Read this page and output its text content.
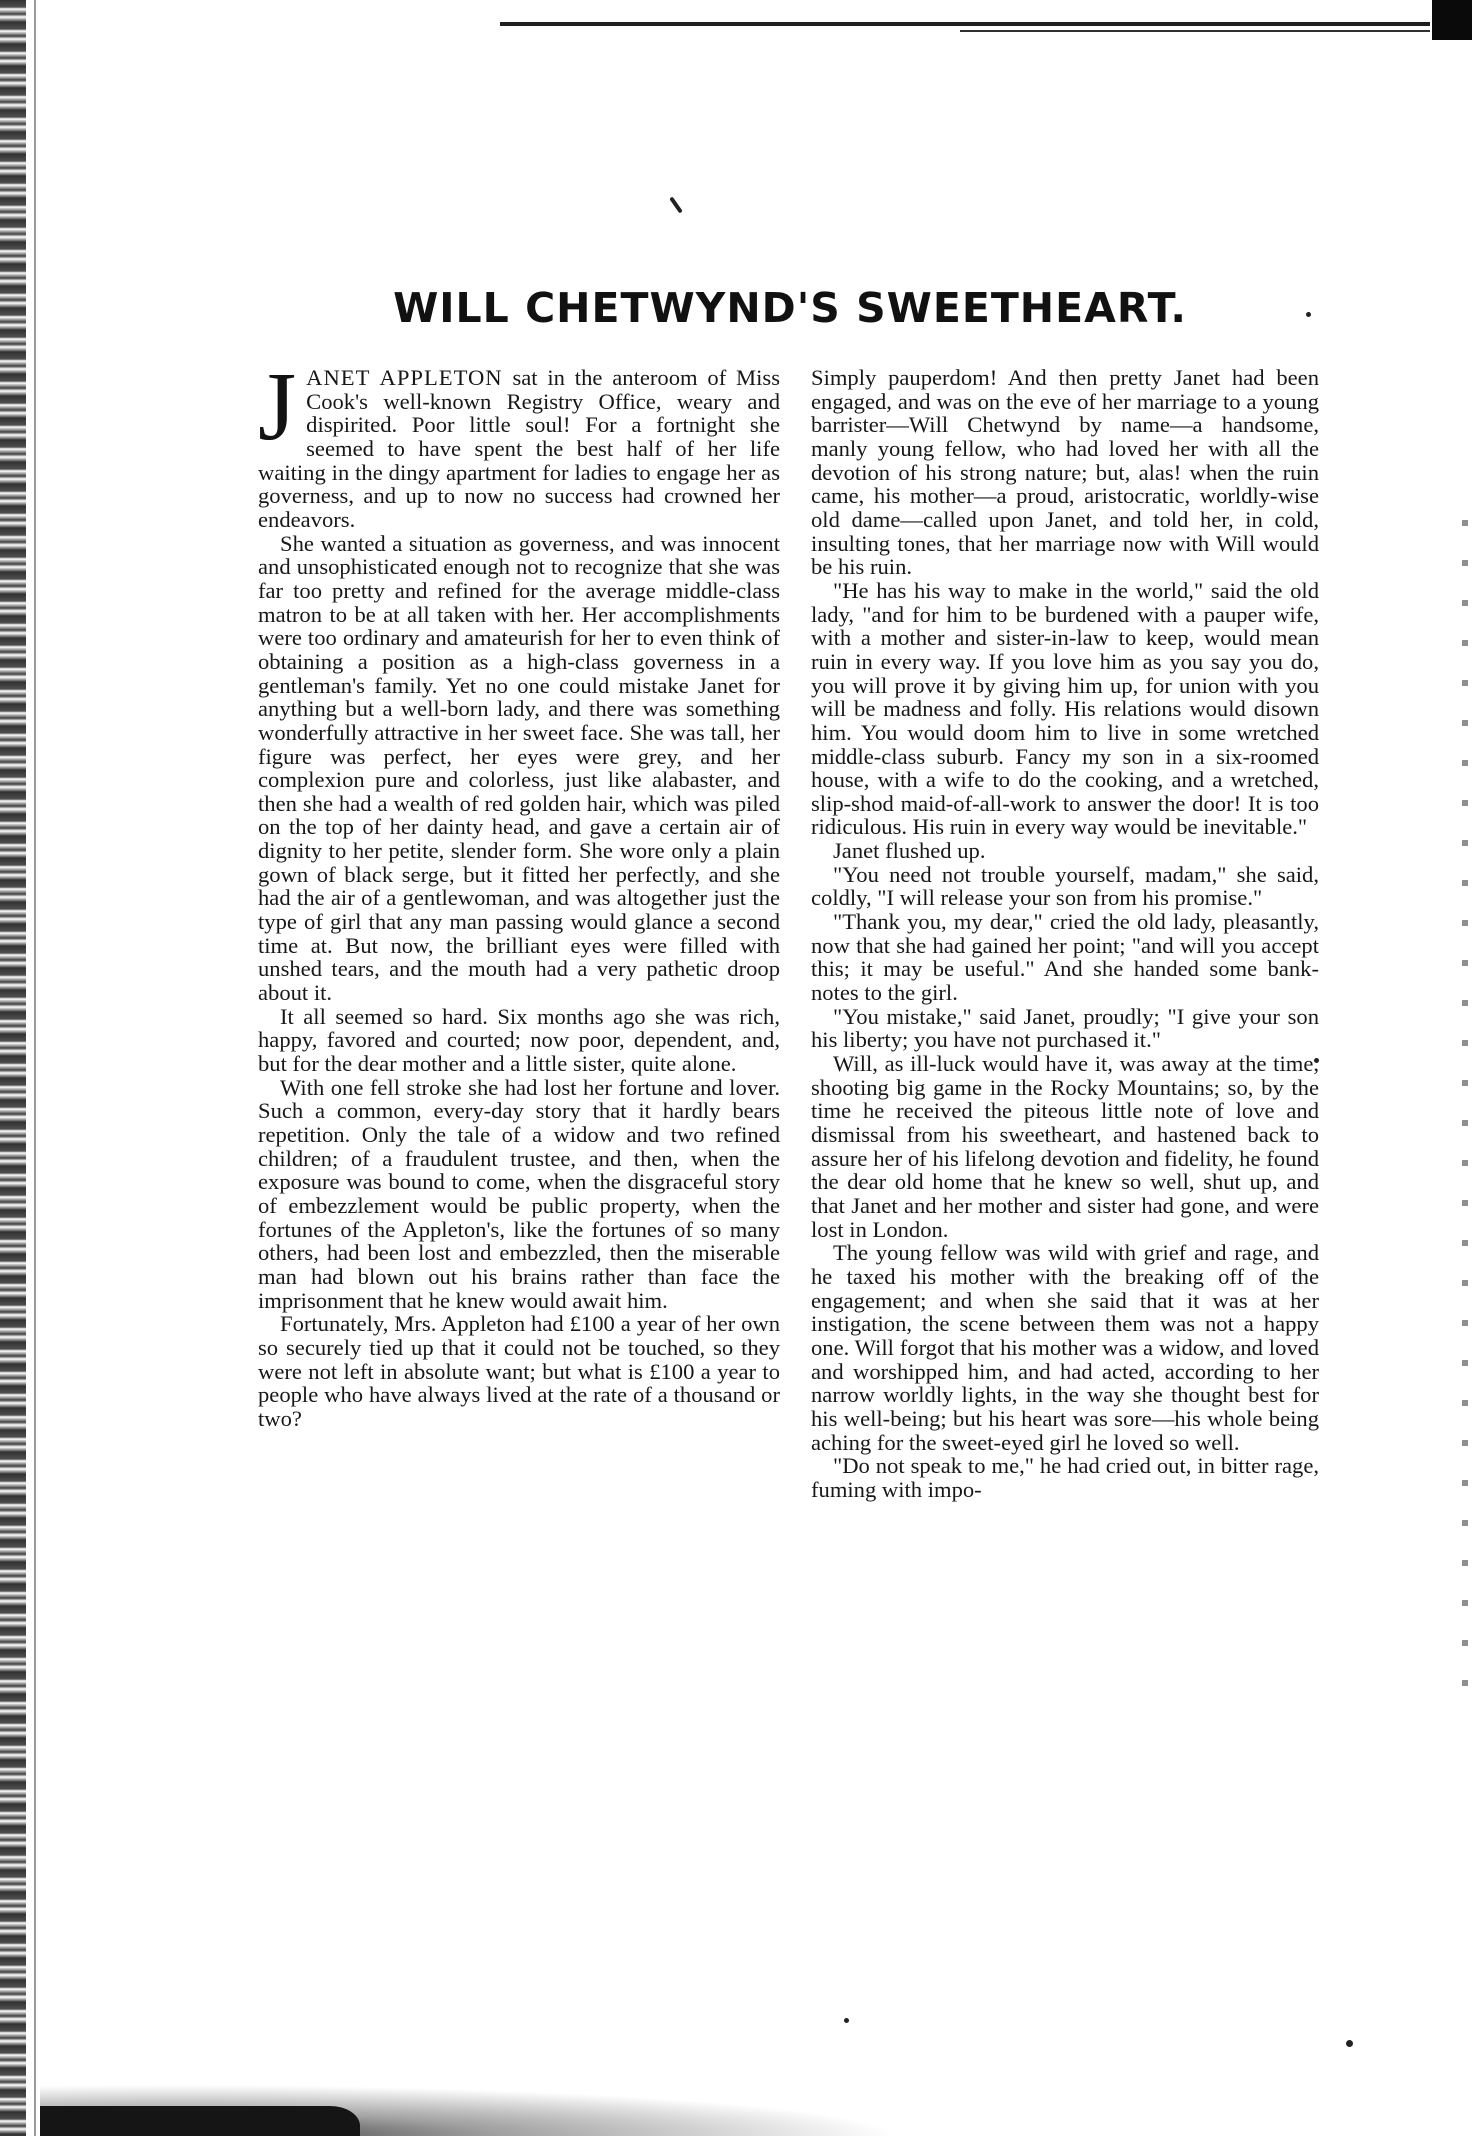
WILL CHETWYND'S SWEETHEART.

JANET APPLETON sat in the anteroom of Miss Cook's well-known Registry Office, weary and dispirited. Poor little soul! For a fortnight she seemed to have spent the best half of her life waiting in the dingy apartment for ladies to engage her as governess, and up to now no success had crowned her endeavors.

She wanted a situation as governess, and was innocent and unsophisticated enough not to recognize that she was far too pretty and refined for the average middle-class matron to be at all taken with her. Her accomplishments were too ordinary and amateurish for her to even think of obtaining a position as a high-class governess in a gentleman's family. Yet no one could mistake Janet for anything but a well-born lady, and there was something wonderfully attractive in her sweet face. She was tall, her figure was perfect, her eyes were grey, and her complexion pure and colorless, just like alabaster, and then she had a wealth of red golden hair, which was piled on the top of her dainty head, and gave a certain air of dignity to her petite, slender form. She wore only a plain gown of black serge, but it fitted her perfectly, and she had the air of a gentlewoman, and was altogether just the type of girl that any man passing would glance a second time at. But now, the brilliant eyes were filled with unshed tears, and the mouth had a very pathetic droop about it.

It all seemed so hard. Six months ago she was rich, happy, favored and courted; now poor, dependent, and, but for the dear mother and a little sister, quite alone.

With one fell stroke she had lost her fortune and lover. Such a common, every-day story that it hardly bears repetition. Only the tale of a widow and two refined children; of a fraudulent trustee, and then, when the exposure was bound to come, when the disgraceful story of embezzlement would be public property, when the fortunes of the Appleton's, like the fortunes of so many others, had been lost and embezzled, then the miserable man had blown out his brains rather than face the imprisonment that he knew would await him.

Fortunately, Mrs. Appleton had £100 a year of her own so securely tied up that it could not be touched, so they were not left in absolute want; but what is £100 a year to people who have always lived at the rate of a thousand or two?

Simply pauperdom! And then pretty Janet had been engaged, and was on the eve of her marriage to a young barrister—Will Chetwynd by name—a handsome, manly young fellow, who had loved her with all the devotion of his strong nature; but, alas! when the ruin came, his mother—a proud, aristocratic, worldly-wise old dame—called upon Janet, and told her, in cold, insulting tones, that her marriage now with Will would be his ruin.

"He has his way to make in the world," said the old lady, "and for him to be burdened with a pauper wife, with a mother and sister-in-law to keep, would mean ruin in every way. If you love him as you say you do, you will prove it by giving him up, for union with you will be madness and folly. His relations would disown him. You would doom him to live in some wretched middle-class suburb. Fancy my son in a six-roomed house, with a wife to do the cooking, and a wretched, slip-shod maid-of-all-work to answer the door! It is too ridiculous. His ruin in every way would be inevitable."

Janet flushed up.

"You need not trouble yourself, madam," she said, coldly, "I will release your son from his promise."

"Thank you, my dear," cried the old lady, pleasantly, now that she had gained her point; "and will you accept this; it may be useful." And she handed some bank-notes to the girl.

"You mistake," said Janet, proudly; "I give your son his liberty; you have not purchased it."

Will, as ill-luck would have it, was away at the time, shooting big game in the Rocky Mountains; so, by the time he received the piteous little note of love and dismissal from his sweetheart, and hastened back to assure her of his lifelong devotion and fidelity, he found the dear old home that he knew so well, shut up, and that Janet and her mother and sister had gone, and were lost in London.

The young fellow was wild with grief and rage, and he taxed his mother with the breaking off of the engagement; and when she said that it was at her instigation, the scene between them was not a happy one. Will forgot that his mother was a widow, and loved and worshipped him, and had acted, according to her narrow worldly lights, in the way she thought best for his well-being; but his heart was sore—his whole being aching for the sweet-eyed girl he loved so well.

"Do not speak to me," he had cried out, in bitter rage, fuming with impo-
